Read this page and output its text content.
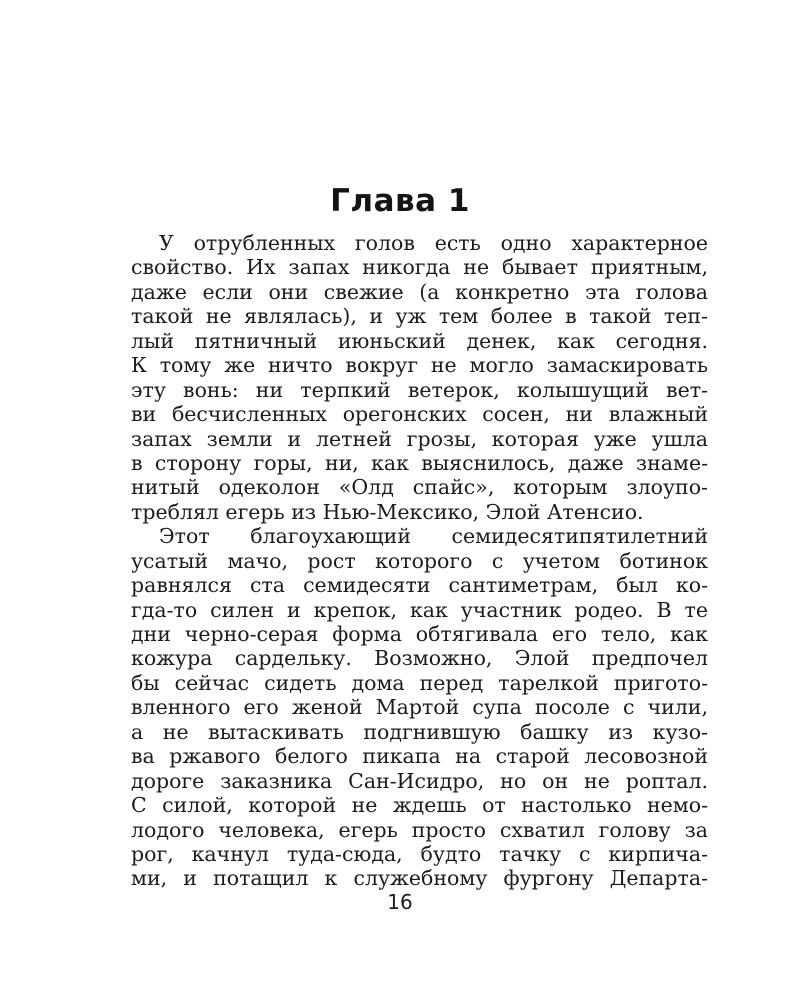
Глава 1
У отрубленных голов есть одно характерное
свойство. Их запах никогда не бывает приятным,
даже если они свежие (а конкретно эта голова
такой не являлась), и уж тем более в такой теп-
лый пятничный июньский денек, как сегодня.
К тому же ничто вокруг не могло замаскировать
эту вонь: ни терпкий ветерок, колышущий вет-
ви бесчисленных орегонских сосен, ни влажный
запах земли и летней грозы, которая уже ушла
в сторону горы, ни, как выяснилось, даже знаме-
нитый одеколон «Олд спайс», которым злоупо-
треблял егерь из Нью-Мексико, Элой Атенсио.
Этот благоухающий семидесятипятилетний
усатый мачо, рост которого с учетом ботинок
равнялся ста семидесяти сантиметрам, был ко-
гда-то силен и крепок, как участник родео. В те
дни черно-серая форма обтягивала его тело, как
кожура сардельку. Возможно, Элой предпочел
бы сейчас сидеть дома перед тарелкой пригото-
вленного его женой Мартой супа посоле с чили,
а не вытаскивать подгнившую башку из кузо-
ва ржавого белого пикапа на старой лесовозной
дороге заказника Сан-Исидро, но он не роптал.
С силой, которой не ждешь от настолько немо-
лодого человека, егерь просто схватил голову за
рог, качнул туда-сюда, будто тачку с кирпича-
ми, и потащил к служебному фургону Департа-
16
